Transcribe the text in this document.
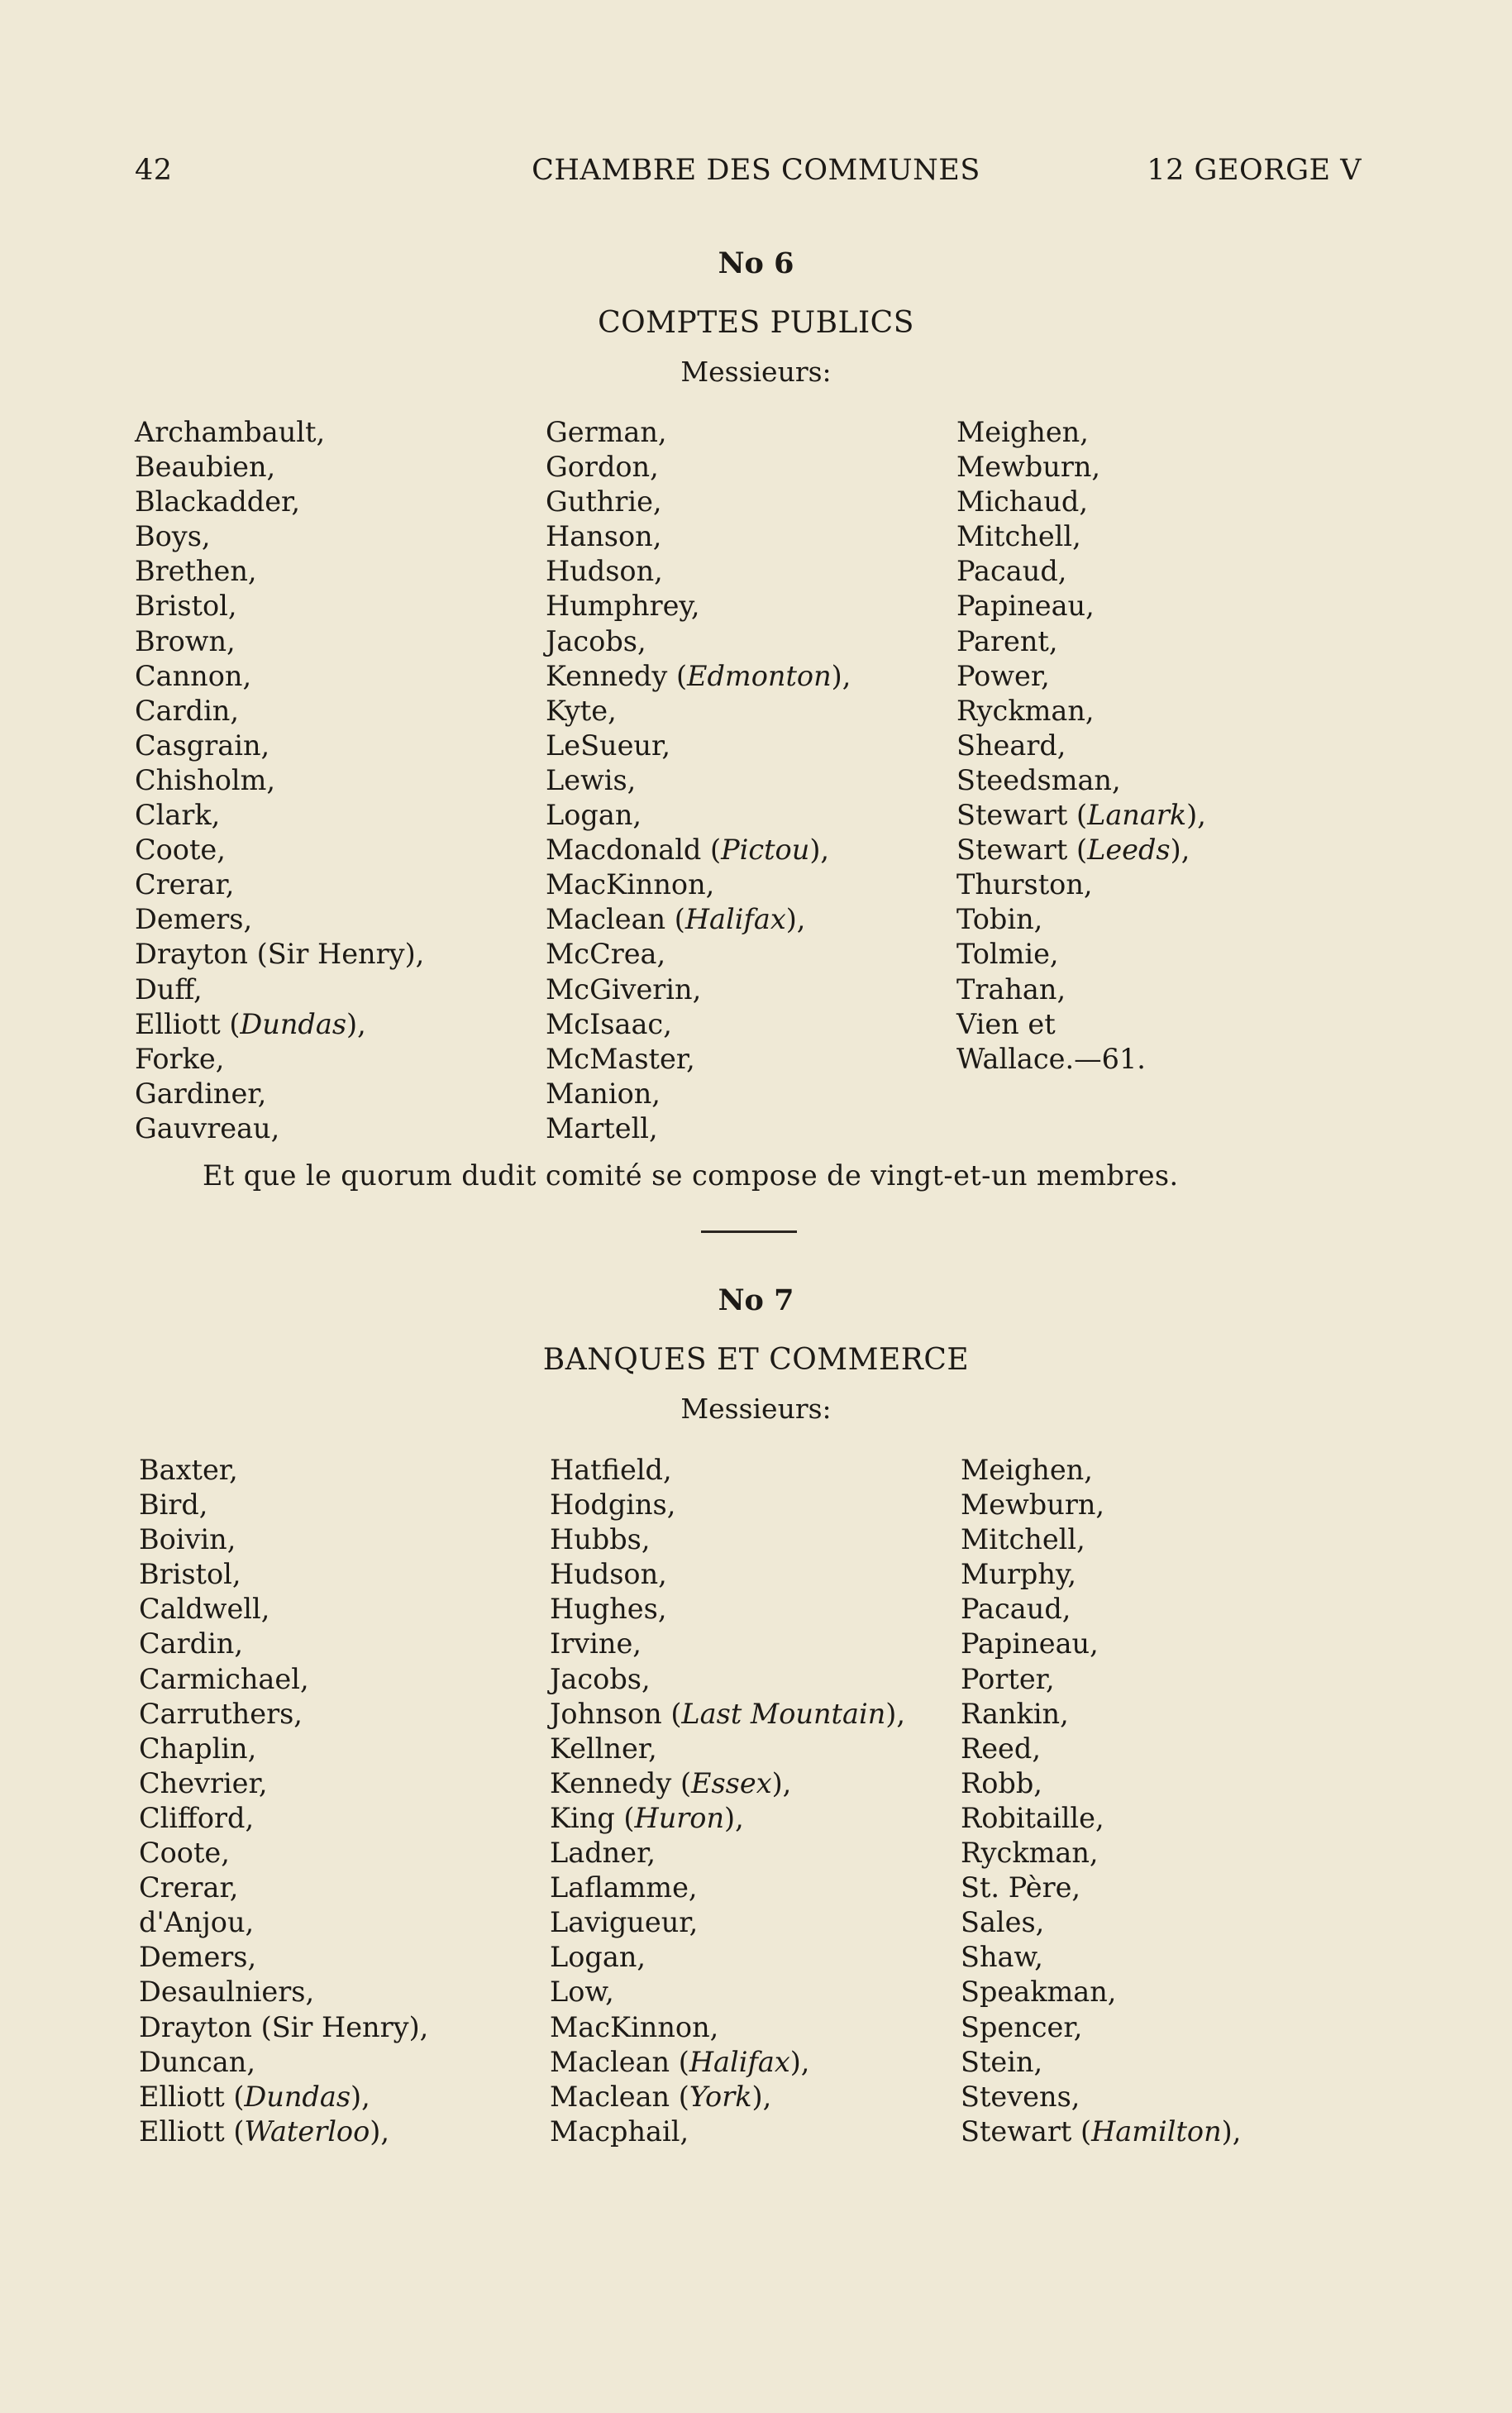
42	CHAMBRE DES COMMUNES	12 GEORGE V
No 6
COMPTES PUBLICS
Messieurs:
Archambault,
Beaubien,
Blackadder,
Boys,
Brethen,
Bristol,
Brown,
Cannon,
Cardin,
Casgrain,
Chisholm,
Clark,
Coote,
Crerar,
Demers,
Drayton (Sir Henry),
Duff,
Elliott (Dundas),
Forke,
Gardiner,
Gauvreau,
German,
Gordon,
Guthrie,
Hanson,
Hudson,
Humphrey,
Jacobs,
Kennedy (Edmonton),
Kyte,
LeSueur,
Lewis,
Logan,
Macdonald (Pictou),
MacKinnon,
Maclean (Halifax),
McCrea,
McGiverin,
McIsaac,
McMaster,
Manion,
Martell,
Meighen,
Mewburn,
Michaud,
Mitchell,
Pacaud,
Papineau,
Parent,
Power,
Ryckman,
Sheard,
Steedsman,
Stewart (Lanark),
Stewart (Leeds),
Thurston,
Tobin,
Tolmie,
Trahan,
Vien et
Wallace.—61.
Et que le quorum dudit comité se compose de vingt-et-un membres.
No 7
BANQUES ET COMMERCE
Messieurs:
Baxter,
Bird,
Boivin,
Bristol,
Caldwell,
Cardin,
Carmichael,
Carruthers,
Chaplin,
Chevrier,
Clifford,
Coote,
Crerar,
d'Anjou,
Demers,
Desaulniers,
Drayton (Sir Henry),
Duncan,
Elliott (Dundas),
Elliott (Waterloo),
Hatfield,
Hodgins,
Hubbs,
Hudson,
Hughes,
Irvine,
Jacobs,
Johnson (Last Mountain),
Kellner,
Kennedy (Essex),
King (Huron),
Ladner,
Laflamme,
Lavigueur,
Logan,
Low,
MacKinnon,
Maclean (Halifax),
Maclean (York),
Macphail,
Meighen,
Mewburn,
Mitchell,
Murphy,
Pacaud,
Papineau,
Porter,
Rankin,
Reed,
Robb,
Robitaille,
Ryckman,
St. Père,
Sales,
Shaw,
Speakman,
Spencer,
Stein,
Stevens,
Stewart (Hamilton),
